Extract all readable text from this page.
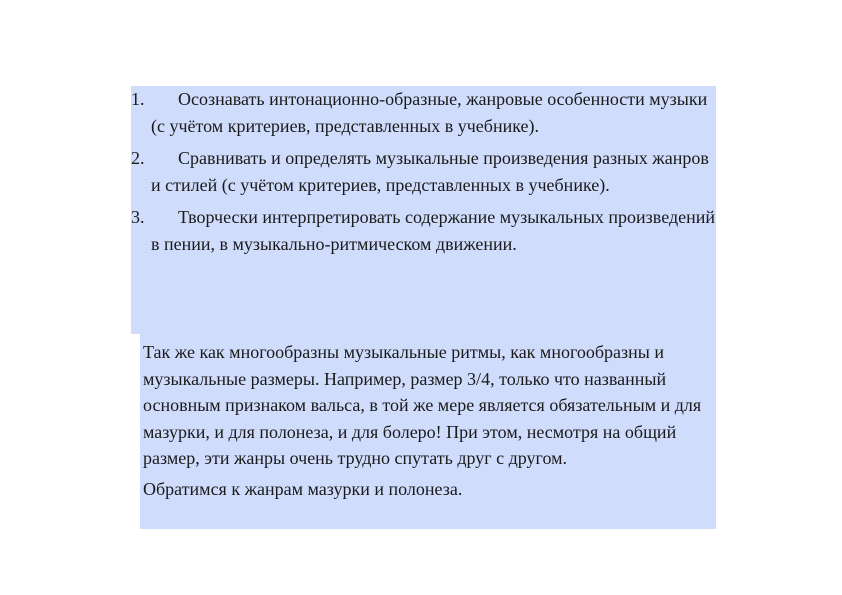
1.	Осознавать интонационно-образные, жанровые особенности музыки (с учётом критериев, представленных в учебнике).
2.	Сравнивать и определять музыкальные произведения разных жанров и стилей (с учётом критериев, представленных в учебнике).
3.	Творчески интерпретировать содержание музыкальных произведений в пении, в музыкально-ритмическом движении.

Так же как многообразны музыкальные ритмы, как многообразны и музыкальные размеры. Например, размер 3/4, только что названный основным признаком вальса, в той же мере является обязательным и для мазурки, и для полонеза, и для болеро! При этом, несмотря на общий размер, эти жанры очень трудно спутать друг с другом.

Обратимся к жанрам мазурки и полонеза.
